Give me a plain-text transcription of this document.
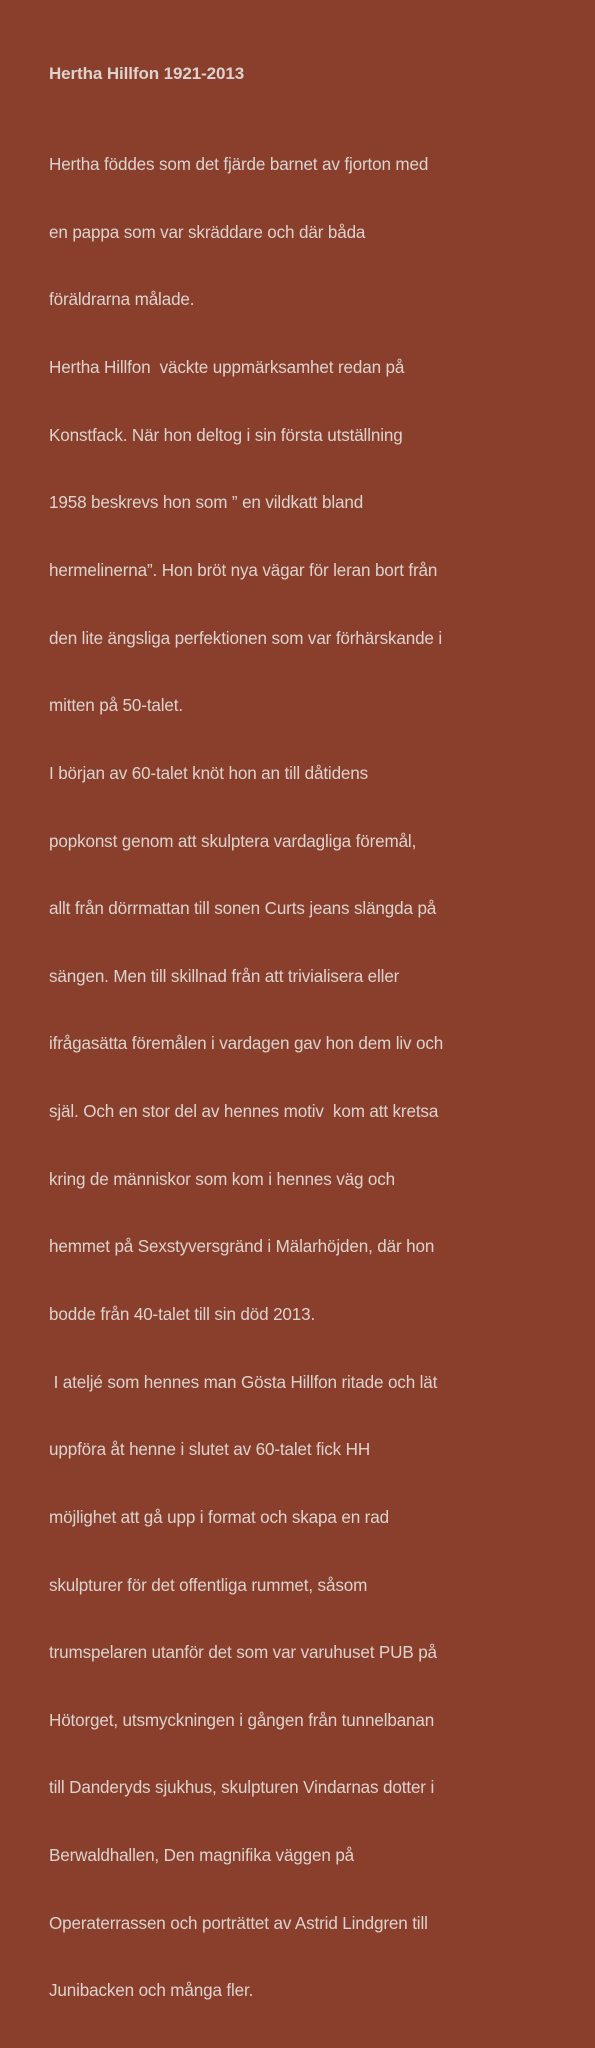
Hertha Hillfon 1921-2013

Hertha föddes som det fjärde barnet av fjorton med

en pappa som var skräddare och där båda

föräldrarna målade.

Hertha Hillfon  väckte uppmärksamhet redan på

Konstfack. När hon deltog i sin första utställning

1958 beskrevs hon som ” en vildkatt bland

hermelinerna”. Hon bröt nya vägar för leran bort från

den lite ängsliga perfektionen som var förhärskande i

mitten på 50-talet.

I början av 60-talet knöt hon an till dåtidens

popkonst genom att skulptera vardagliga föremål,

allt från dörrmattan till sonen Curts jeans slängda på

sängen. Men till skillnad från att trivialisera eller

ifrågasätta föremålen i vardagen gav hon dem liv och

själ. Och en stor del av hennes motiv  kom att kretsa

kring de människor som kom i hennes väg och

hemmet på Sexstyversgränd i Mälarhöjden, där hon

bodde från 40-talet till sin död 2013.

I ateljé som hennes man Gösta Hillfon ritade och lät

uppföra åt henne i slutet av 60-talet fick HH

möjlighet att gå upp i format och skapa en rad

skulpturer för det offentliga rummet, såsom

trumspelaren utanför det som var varuhuset PUB på

Hötorget, utsmyckningen i gången från tunnelbanan

till Danderyds sjukhus, skulpturen Vindarnas dotter i

Berwaldhallen, Den magnifika väggen på

Operaterrassen och porträttet av Astrid Lindgren till

Junibacken och många fler.
